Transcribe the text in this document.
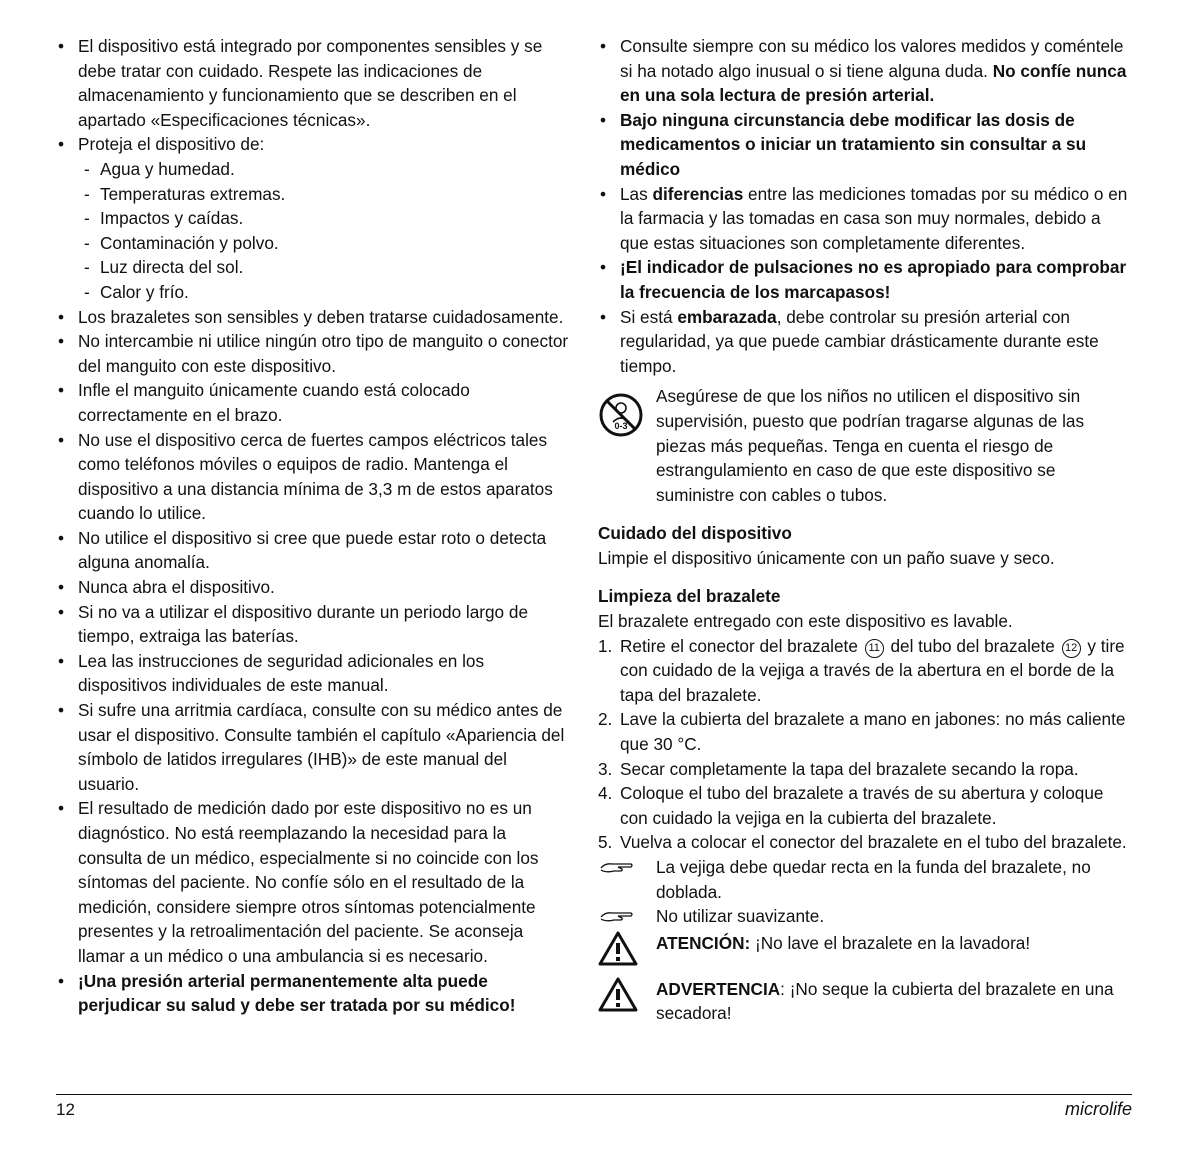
• El dispositivo está integrado por componentes sensibles y se debe tratar con cuidado. Respete las indicaciones de almacenamiento y funcionamiento que se describen en el apartado «Especificaciones técnicas».
• Proteja el dispositivo de:
- Agua y humedad.
- Temperaturas extremas.
- Impactos y caídas.
- Contaminación y polvo.
- Luz directa del sol.
- Calor y frío.
• Los brazaletes son sensibles y deben tratarse cuidadosamente.
• No intercambie ni utilice ningún otro tipo de manguito o conector del manguito con este dispositivo.
• Infle el manguito únicamente cuando está colocado correctamente en el brazo.
• No use el dispositivo cerca de fuertes campos eléctricos tales como teléfonos móviles o equipos de radio. Mantenga el dispositivo a una distancia mínima de 3,3 m de estos aparatos cuando lo utilice.
• No utilice el dispositivo si cree que puede estar roto o detecta alguna anomalía.
• Nunca abra el dispositivo.
• Si no va a utilizar el dispositivo durante un periodo largo de tiempo, extraiga las baterías.
• Lea las instrucciones de seguridad adicionales en los dispositivos individuales de este manual.
• Si sufre una arritmia cardíaca, consulte con su médico antes de usar el dispositivo. Consulte también el capítulo «Apariencia del símbolo de latidos irregulares (IHB)» de este manual del usuario.
• El resultado de medición dado por este dispositivo no es un diagnóstico. No está reemplazando la necesidad para la consulta de un médico, especialmente si no coincide con los síntomas del paciente. No confíe sólo en el resultado de la medición, considere siempre otros síntomas potencialmente presentes y la retroalimentación del paciente. Se aconseja llamar a un médico o una ambulancia si es necesario.
• ¡Una presión arterial permanentemente alta puede perjudicar su salud y debe ser tratada por su médico!
• Consulte siempre con su médico los valores medidos y coméntele si ha notado algo inusual o si tiene alguna duda. No confíe nunca en una sola lectura de presión arterial.
• Bajo ninguna circunstancia debe modificar las dosis de medicamentos o iniciar un tratamiento sin consultar a su médico
• Las diferencias entre las mediciones tomadas por su médico o en la farmacia y las tomadas en casa son muy normales, debido a que estas situaciones son completamente diferentes.
• ¡El indicador de pulsaciones no es apropiado para comprobar la frecuencia de los marcapasos!
• Si está embarazada, debe controlar su presión arterial con regularidad, ya que puede cambiar drásticamente durante este tiempo.
0-3
Asegúrese de que los niños no utilicen el dispositivo sin supervisión, puesto que podrían tragarse algunas de las piezas más pequeñas. Tenga en cuenta el riesgo de estrangulamiento en caso de que este dispositivo se suministre con cables o tubos.
Cuidado del dispositivo
Limpie el dispositivo únicamente con un paño suave y seco.
Limpieza del brazalete
El brazalete entregado con este dispositivo es lavable.
1. Retire el conector del brazalete 11 del tubo del brazalete 12 y tire con cuidado de la vejiga a través de la abertura en el borde de la tapa del brazalete.
2. Lave la cubierta del brazalete a mano en jabones: no más caliente que 30 °C.
3. Secar completamente la tapa del brazalete secando la ropa.
4. Coloque el tubo del brazalete a través de su abertura y coloque con cuidado la vejiga en la cubierta del brazalete.
5. Vuelva a colocar el conector del brazalete en el tubo del brazalete.
La vejiga debe quedar recta en la funda del brazalete, no doblada.
No utilizar suavizante.
ATENCIÓN: ¡No lave el brazalete en la lavadora!
ADVERTENCIA: ¡No seque la cubierta del brazalete en una secadora!
12	microlife
